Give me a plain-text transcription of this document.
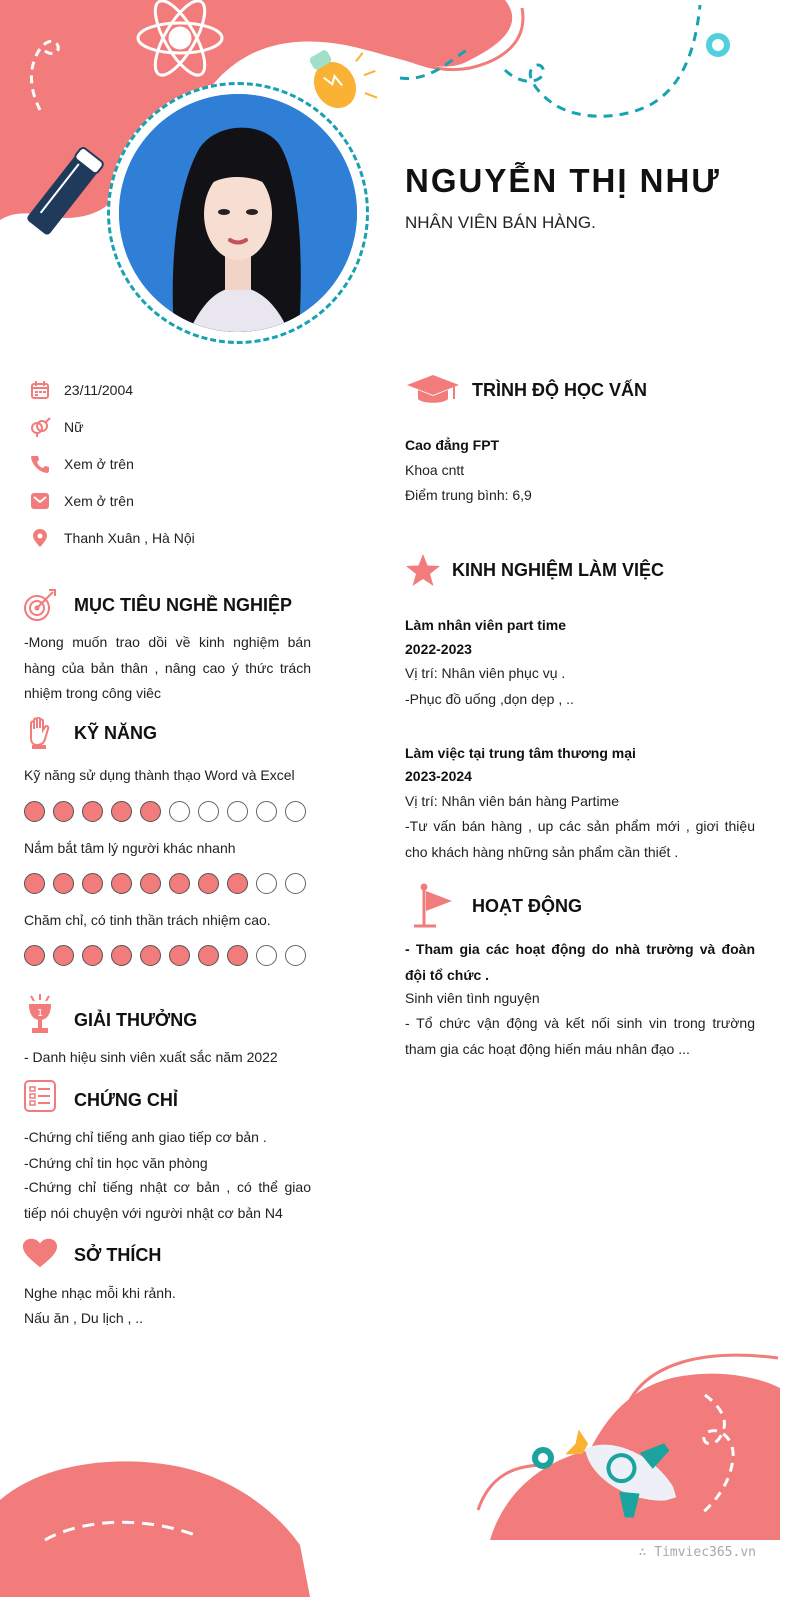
NGUYỄN THỊ NHƯ
NHÂN VIÊN BÁN HÀNG.
23/11/2004
Nữ
Xem ở trên
Xem ở trên
Thanh Xuân , Hà Nội
MỤC TIÊU NGHỀ NGHIỆP
-Mong muốn trao dồi về kinh nghiệm bán hàng của bản thân , nâng cao ý thức trách nhiệm trong công viêc
KỸ NĂNG
Kỹ năng sử dụng thành thạo Word và Excel
Nắm bắt tâm lý người khác nhanh
Chăm chỉ, có tinh thần trách nhiệm cao.
1 GIẢI THƯỞNG
- Danh hiệu sinh viên xuất sắc năm 2022
CHỨNG CHỈ
-Chứng chỉ tiếng anh giao tiếp cơ bản .
-Chứng chỉ tin học văn phòng
-Chứng chỉ tiếng nhật cơ bản , có thể giao tiếp nói chuyện với người nhật cơ bản N4
SỞ THÍCH
Nghe nhạc mỗi khi rảnh.
Nấu ăn , Du lịch , ..
TRÌNH ĐỘ HỌC VẤN
Cao đẳng FPT
Khoa cntt
Điểm trung bình: 6,9
KINH NGHIỆM LÀM VIỆC
Làm nhân viên part time
2022-2023
Vị trí: Nhân viên phục vụ .
-Phục đồ uống ,dọn dẹp , ..
Làm việc tại trung tâm thương mại
2023-2024
Vị trí: Nhân viên bán hàng Partime
-Tư vấn bán hàng , up các sản phẩm mới , giơi thiệu cho khách hàng những sản phẩm cần thiết .
HOẠT ĐỘNG
- Tham gia các hoạt động do nhà trường và đoàn đội tổ chức .
Sinh viên tình nguyện
- Tổ chức vận động và kết nối sinh vin trong trường tham gia các hoạt động hiến máu nhân đạo ...
∴ Timviec365.vn
